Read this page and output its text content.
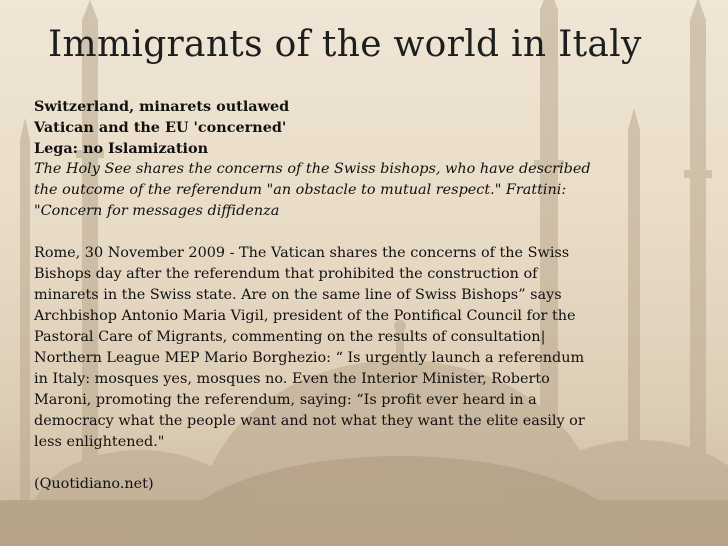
Immigrants of the world in Italy
Switzerland, minarets outlawed
Vatican and the EU 'concerned'
Lega: no Islamization
The Holy See shares the concerns of the Swiss bishops, who have described
the outcome of the referendum "an obstacle to mutual respect." Frattini:
"Concern for messages diffidenza
Rome, 30 November 2009 - The Vatican shares the concerns of the Swiss
Bishops day after the referendum that prohibited the construction of
minarets in the Swiss state. Are on the same line of Swiss Bishops” says
Archbishop Antonio Maria Vigil, president of the Pontifical Council for the
Pastoral Care of Migrants, commenting on the results of consultation|
Northern League MEP Mario Borghezio: “ Is urgently launch a referendum
in Italy: mosques yes, mosques no. Even the Interior Minister, Roberto
Maroni, promoting the referendum, saying: “Is profit ever heard in a
democracy what the people want and not what they want the elite easily or
less enlightened."
(Quotidiano.net)
